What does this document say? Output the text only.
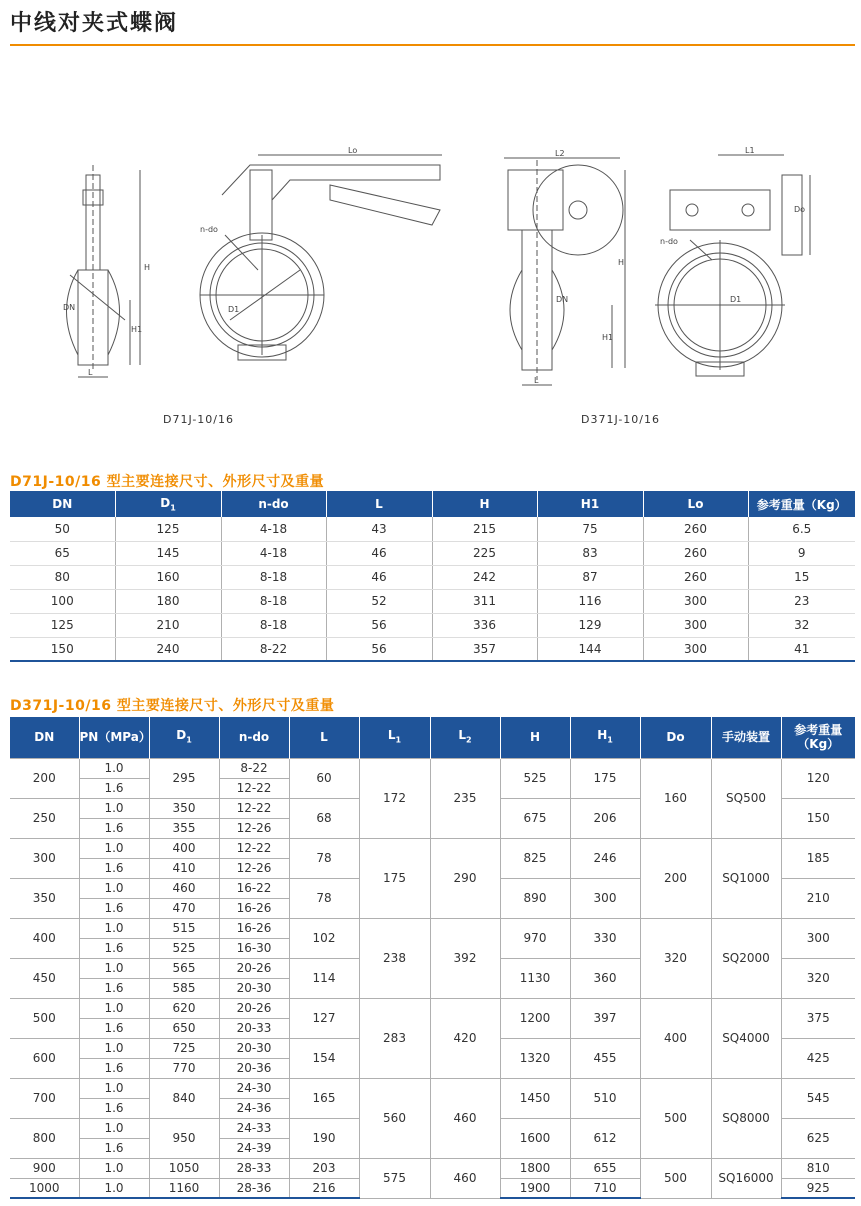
中线对夹式蝶阀
H
H1
DN
L
Lo
n-do
D1
L2
H
H1
DN
L
L1
Do
n-do
D1
D71J-10/16	D371J-10/16
D71J-10/16 型主要连接尺寸、外形尺寸及重量
DN	$D_1$	n-do	L	H	H1	Lo	参考重量（Kg）
50	125	4-18	43	215	75	260	6.5
65	145	4-18	46	225	83	260	9
80	160	8-18	46	242	87	260	15
100	180	8-18	52	311	116	300	23
125	210	8-18	56	336	129	300	32
150	240	8-22	56	357	144	300	41
D371J-10/16 型主要连接尺寸、外形尺寸及重量
DN	PN（MPa）	$D_1$	n-do	L	$L_1$	$L_2$	H	$H_1$	Do	手动装置	参考重量
（Kg）
200	1.0	295	8-22	60	172	235	525	175	160	SQ500	120
	1.6		12-22								
250	1.0	350	12-22	68			675	206			150
	1.6	355	12-26								
300	1.0	400	12-22	78	175	290	825	246	200	SQ1000	185
	1.6	410	12-26								
350	1.0	460	16-22	78			890	300			210
	1.6	470	16-26								
400	1.0	515	16-26	102	238	392	970	330	320	SQ2000	300
	1.6	525	16-30								
450	1.0	565	20-26	114			1130	360			320
	1.6	585	20-30								
500	1.0	620	20-26	127	283	420	1200	397	400	SQ4000	375
	1.6	650	20-33								
600	1.0	725	20-30	154			1320	455			425
	1.6	770	20-36								
700	1.0	840	24-30	165	560	460	1450	510	500	SQ8000	545
	1.6		24-36								
800	1.0	950	24-33	190			1600	612			625
	1.6		24-39								
900	1.0	1050	28-33	203	575	460	1800	655	500	SQ16000	810
1000	1.0	1160	28-36	216			1900	710			925
